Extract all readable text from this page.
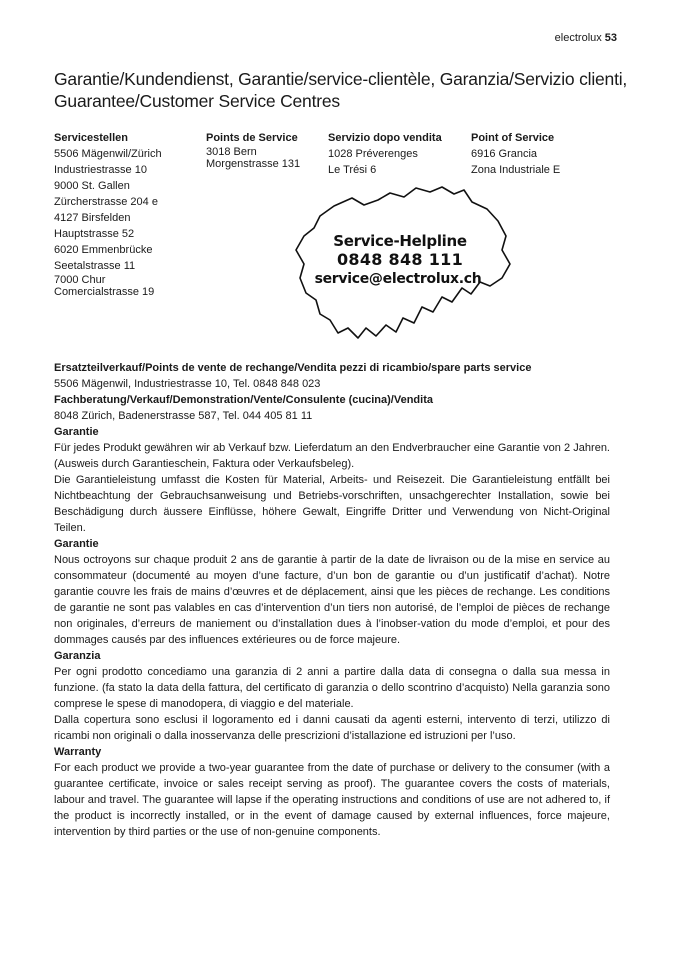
electrolux 53
Garantie/Kundendienst, Garantie/service-clientèle, Garanzia/Servizio clienti, Guarantee/Customer Service Centres
Servicestellen
5506 Mägenwil/Zürich
Industriestrasse 10
9000 St. Gallen
Zürcherstrasse 204 e
4127 Birsfelden
Hauptstrasse 52
6020 Emmenbrücke
Seetalstrasse 11
7000 Chur
Comercialstrasse 19
Points de Service
3018 Bern
Morgenstrasse 131
Servizio dopo vendita
1028 Préverenges
Le Trési 6
Point of Service
6916 Grancia
Zona Industriale E
Service-Helpline
0848 848 111
service@electrolux.ch

Ersatzteilverkauf/Points de vente de rechange/Vendita pezzi di ricambio/spare parts service

5506 Mägenwil, Industriestrasse 10, Tel. 0848 848 023

Fachberatung/Verkauf/Demonstration/Vente/Consulente (cucina)/Vendita

8048 Zürich, Badenerstrasse 587, Tel. 044 405 81 11

Garantie

Für jedes Produkt gewähren wir ab Verkauf bzw. Lieferdatum an den Endverbraucher eine Garantie von 2 Jahren. (Ausweis durch Garantieschein, Faktura oder Verkaufsbeleg).

Die Garantieleistung umfasst die Kosten für Material, Arbeits- und Reisezeit. Die Garantieleistung entfällt bei Nichtbeachtung der Gebrauchsanweisung und Betriebs-vorschriften, unsachgerechter Installation, sowie bei Beschädigung durch äussere Einflüsse, höhere Gewalt, Eingriffe Dritter und Verwendung von Nicht-Original Teilen.

Garantie

Nous octroyons sur chaque produit 2 ans de garantie à partir de la date de livraison ou de la mise en service au consommateur (documenté au moyen d’une facture, d’un bon de garantie ou d’un justificatif d’achat). Notre garantie couvre les frais de mains d’œuvres et de déplacement, ainsi que les pièces de rechange. Les conditions de garantie ne sont pas valables en cas d’intervention d’un tiers non autorisé, de l’emploi de pièces de rechange non originales, d’erreurs de maniement ou d’installation dues à l’inobser-vation du mode d’emploi, et pour des dommages causés par des influences extérieures ou de force majeure.

Garanzia

Per ogni prodotto concediamo una garanzia di 2 anni a partire dalla data di consegna o dalla sua messa in funzione. (fa stato la data della fattura, del certificato di garanzia o dello scontrino d’acquisto) Nella garanzia sono comprese le spese di manodopera, di viaggio e del materiale.

Dalla copertura sono esclusi il logoramento ed i danni causati da agenti esterni, intervento di terzi, utilizzo di ricambi non originali o dalla inosservanza delle prescrizioni d’istallazione ed istruzioni per l’uso.

Warranty

For each product we provide a two-year guarantee from the date of purchase or delivery to the consumer (with a guarantee certificate, invoice or sales receipt serving as proof). The guarantee covers the costs of materials, labour and travel. The guarantee will lapse if the operating instructions and conditions of use are not adhered to, if the product is incorrectly installed, or in the event of damage caused by external influences, force majeure, intervention by third parties or the use of non-genuine components.
